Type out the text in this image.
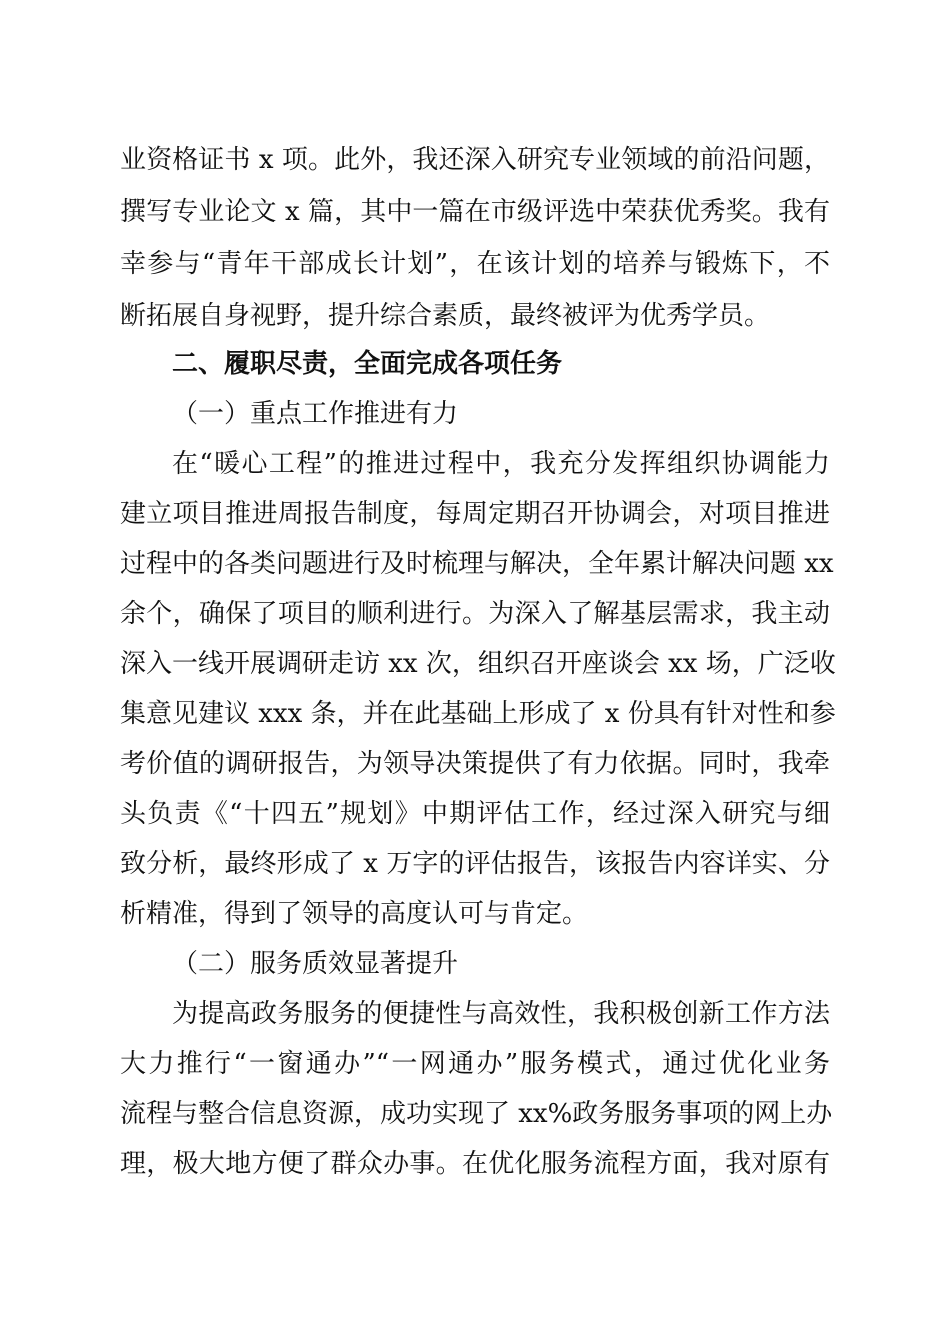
业资格证书 x 项。此外，我还深入研究专业领域的前沿问题，
撰写专业论文 x 篇，其中一篇在市级评选中荣获优秀奖。我有
幸参与“青年干部成长计划”，在该计划的培养与锻炼下，不
断拓展自身视野，提升综合素质，最终被评为优秀学员。
二、履职尽责，全面完成各项任务
（一）重点工作推进有力
在“暖心工程”的推进过程中，我充分发挥组织协调能力
建立项目推进周报告制度，每周定期召开协调会，对项目推进
过程中的各类问题进行及时梳理与解决，全年累计解决问题 xx
余个，确保了项目的顺利进行。为深入了解基层需求，我主动
深入一线开展调研走访 xx 次，组织召开座谈会 xx 场，广泛收
集意见建议 xxx 条，并在此基础上形成了 x 份具有针对性和参
考价值的调研报告，为领导决策提供了有力依据。同时，我牵
头负责《“十四五”规划》中期评估工作，经过深入研究与细
致分析，最终形成了 x 万字的评估报告，该报告内容详实、分
析精准，得到了领导的高度认可与肯定。
（二）服务质效显著提升
为提高政务服务的便捷性与高效性，我积极创新工作方法
大力推行“一窗通办”“一网通办”服务模式，通过优化业务
流程与整合信息资源，成功实现了 xx%政务服务事项的网上办
理，极大地方便了群众办事。在优化服务流程方面，我对原有
